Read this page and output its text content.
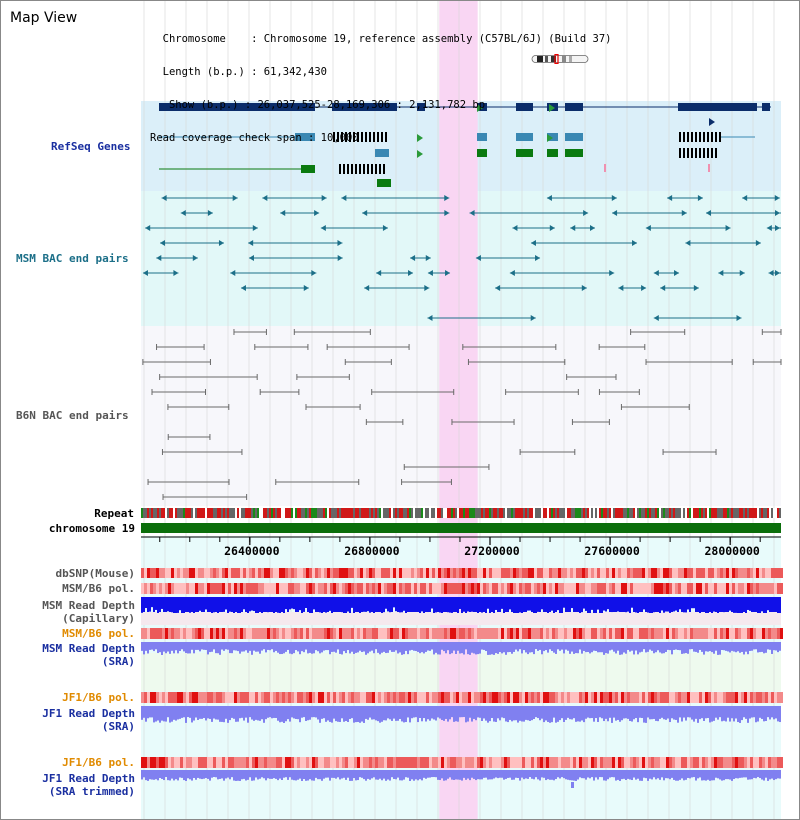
26400000	26800000	27200000	27600000	28000000
RefSeq Genes
MSM BAC end pairs
B6N BAC end pairs
Repeat
chromosome 19
dbSNP(Mouse)
MSM/B6 pol.
MSM Read Depth
(Capillary)
MSM/B6 pol.
MSM Read Depth
(SRA)
JF1/B6 pol.
JF1 Read Depth
(SRA)
JF1/B6 pol.
JF1 Read Depth
(SRA trimmed)
Map View

Chromosome    : Chromosome 19, reference assembly (C57BL/6J) (Build 37)

Length (b.p.) : 61,342,430

Show (b.p.) : 26,037,525-28,169,306 : 2,131,782 bp

Read coverage check span : 10,000
